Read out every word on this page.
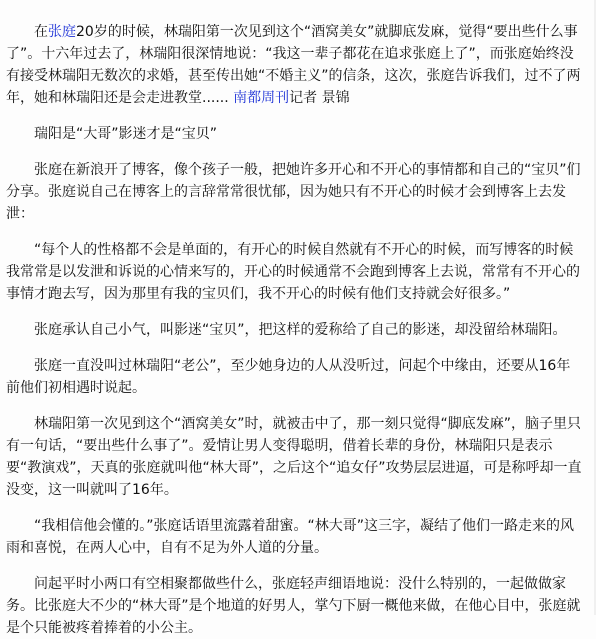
在张庭20岁的时候，林瑞阳第一次见到这个“酒窝美女”就脚底发麻，觉得“要出些什么事了”。十六年过去了，林瑞阳很深情地说：“我这一辈子都花在追求张庭上了”，而张庭始终没有接受林瑞阳无数次的求婚，甚至传出她“不婚主义”的信条，这次，张庭告诉我们，过不了两年，她和林瑞阳还是会走进教堂...... 南都周刊记者 景锦

瑞阳是“大哥”影迷才是“宝贝”

张庭在新浪开了博客，像个孩子一般，把她许多开心和不开心的事情都和自己的“宝贝”们分享。张庭说自己在博客上的言辞常常很忧郁，因为她只有不开心的时候才会到博客上去发泄：

“每个人的性格都不会是单面的，有开心的时候自然就有不开心的时候，而写博客的时候我常常是以发泄和诉说的心情来写的，开心的时候通常不会跑到博客上去说，常常有不开心的事情才跑去写，因为那里有我的宝贝们，我不开心的时候有他们支持就会好很多。”

张庭承认自己小气，叫影迷“宝贝”，把这样的爱称给了自己的影迷，却没留给林瑞阳。

张庭一直没叫过林瑞阳“老公”，至少她身边的人从没听过，问起个中缘由，还要从16年前他们初相遇时说起。

林瑞阳第一次见到这个“酒窝美女”时，就被击中了，那一刻只觉得“脚底发麻”，脑子里只有一句话，“要出些什么事了”。爱情让男人变得聪明，借着长辈的身份，林瑞阳只是表示要“教演戏”，天真的张庭就叫他“林大哥”，之后这个“追女仔”攻势层层进逼，可是称呼却一直没变，这一叫就叫了16年。

“我相信他会懂的。”张庭话语里流露着甜蜜。“林大哥”这三字，凝结了他们一路走来的风雨和喜悦，在两人心中，自有不足为外人道的分量。

问起平时小两口有空相聚都做些什么，张庭轻声细语地说：没什么特别的，一起做做家务。比张庭大不少的“林大哥”是个地道的好男人，掌勺下厨一概他来做，在他心目中，张庭就是个只能被疼着捧着的小公主。
